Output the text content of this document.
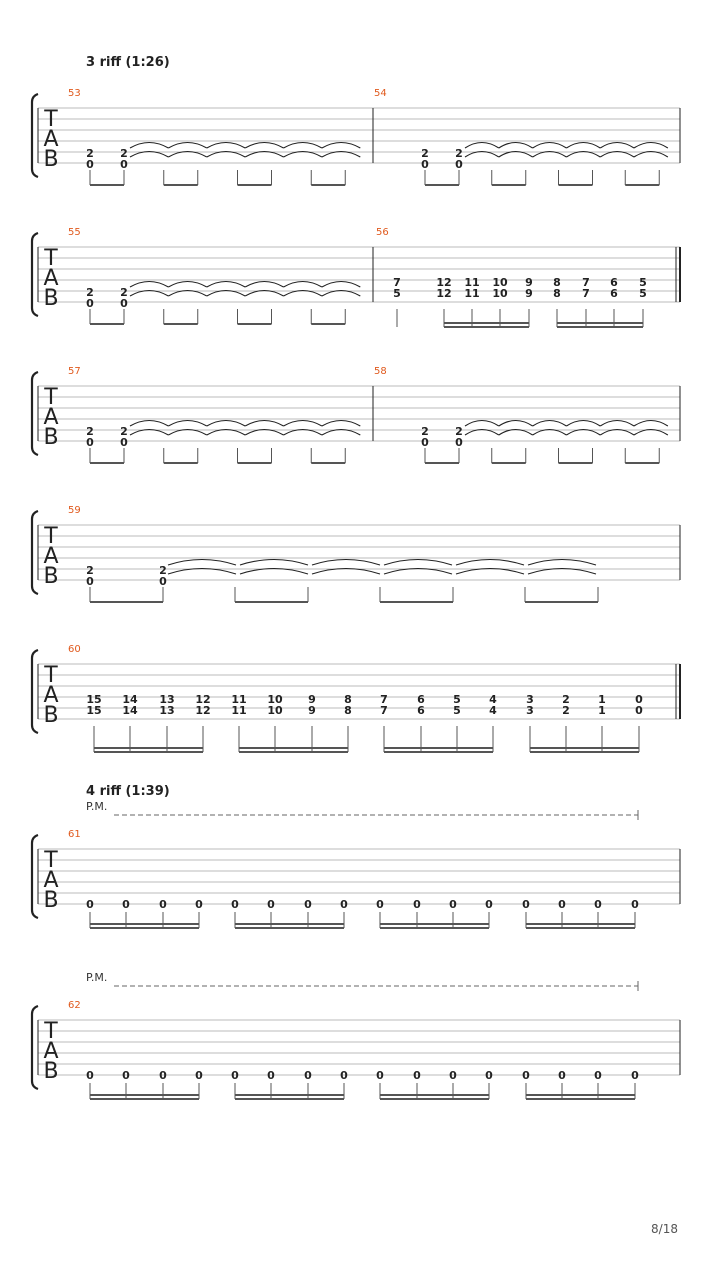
3 riff (1:26)
4 riff (1:39)
P.M.
P.M.
T
A
B
53	54
2
0
2
0
2
0
2
0
T
A
B
55	56
2
0
2
0
7
5
12
12
11
11
10
10
9
9
8
8
7
7
6
6
5
5
T
A
B
57	58
2
0
2
0
2
0
2
0
T
A
B
59
2
0
2
0
T
A
B
60
15
15
14
14
13
13
12
12
11
11
10
10
9
9
8
8
7
7
6
6
5
5
4
4
3
3
2
2
1
1
0
0
T
A
B
61
0	0	0	0	0	0	0	0	0	0	0	0	0	0	0	0
T
A
B
62
0	0	0	0	0	0	0	0	0	0	0	0	0	0	0	0
8/18
